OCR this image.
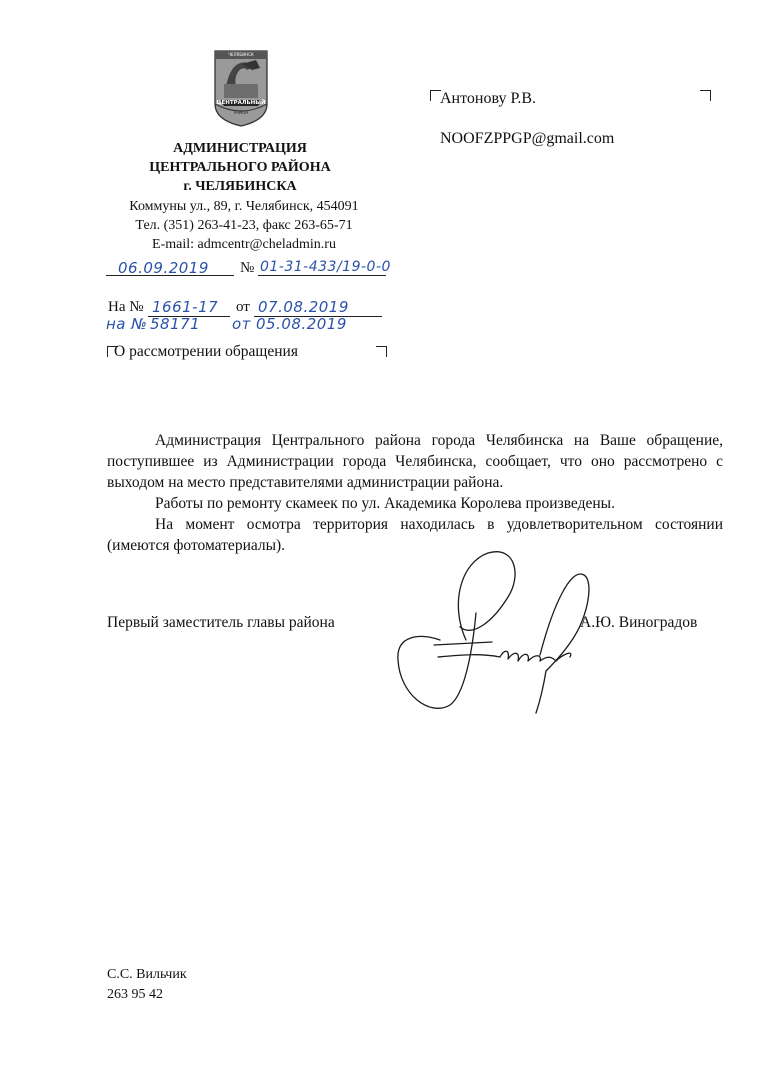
ЧЕЛЯБИНСК
ЦЕНТРАЛЬНЫЙ
РАЙОН
АДМИНИСТРАЦИЯ
ЦЕНТРАЛЬНОГО РАЙОНА
г. ЧЕЛЯБИНСКА
Коммуны ул., 89, г. Челябинск, 454091
Тел. (351) 263-41-23, факс 263-65-71
E-mail: admcentr@cheladmin.ru
06.09.2019 № 01-31-433/19-0-0
На № 1661-17 от 07.08.2019
на № 58171 от 05.08.2019
О рассмотрении обращения
Антонову Р.В.
NOOFZPPGP@gmail.com
Администрация Центрального района города Челябинска на Ваше обращение, поступившее из Администрации города Челябинска, сообщает, что оно рассмотрено с выходом на место представителями администрации района.
Работы по ремонту скамеек по ул. Академика Королева произведены.
На момент осмотра территория находилась в удовлетворительном состоянии (имеются фотоматериалы).
Первый заместитель главы района	А.Ю. Виноградов
С.С. Вильчик
263 95 42
